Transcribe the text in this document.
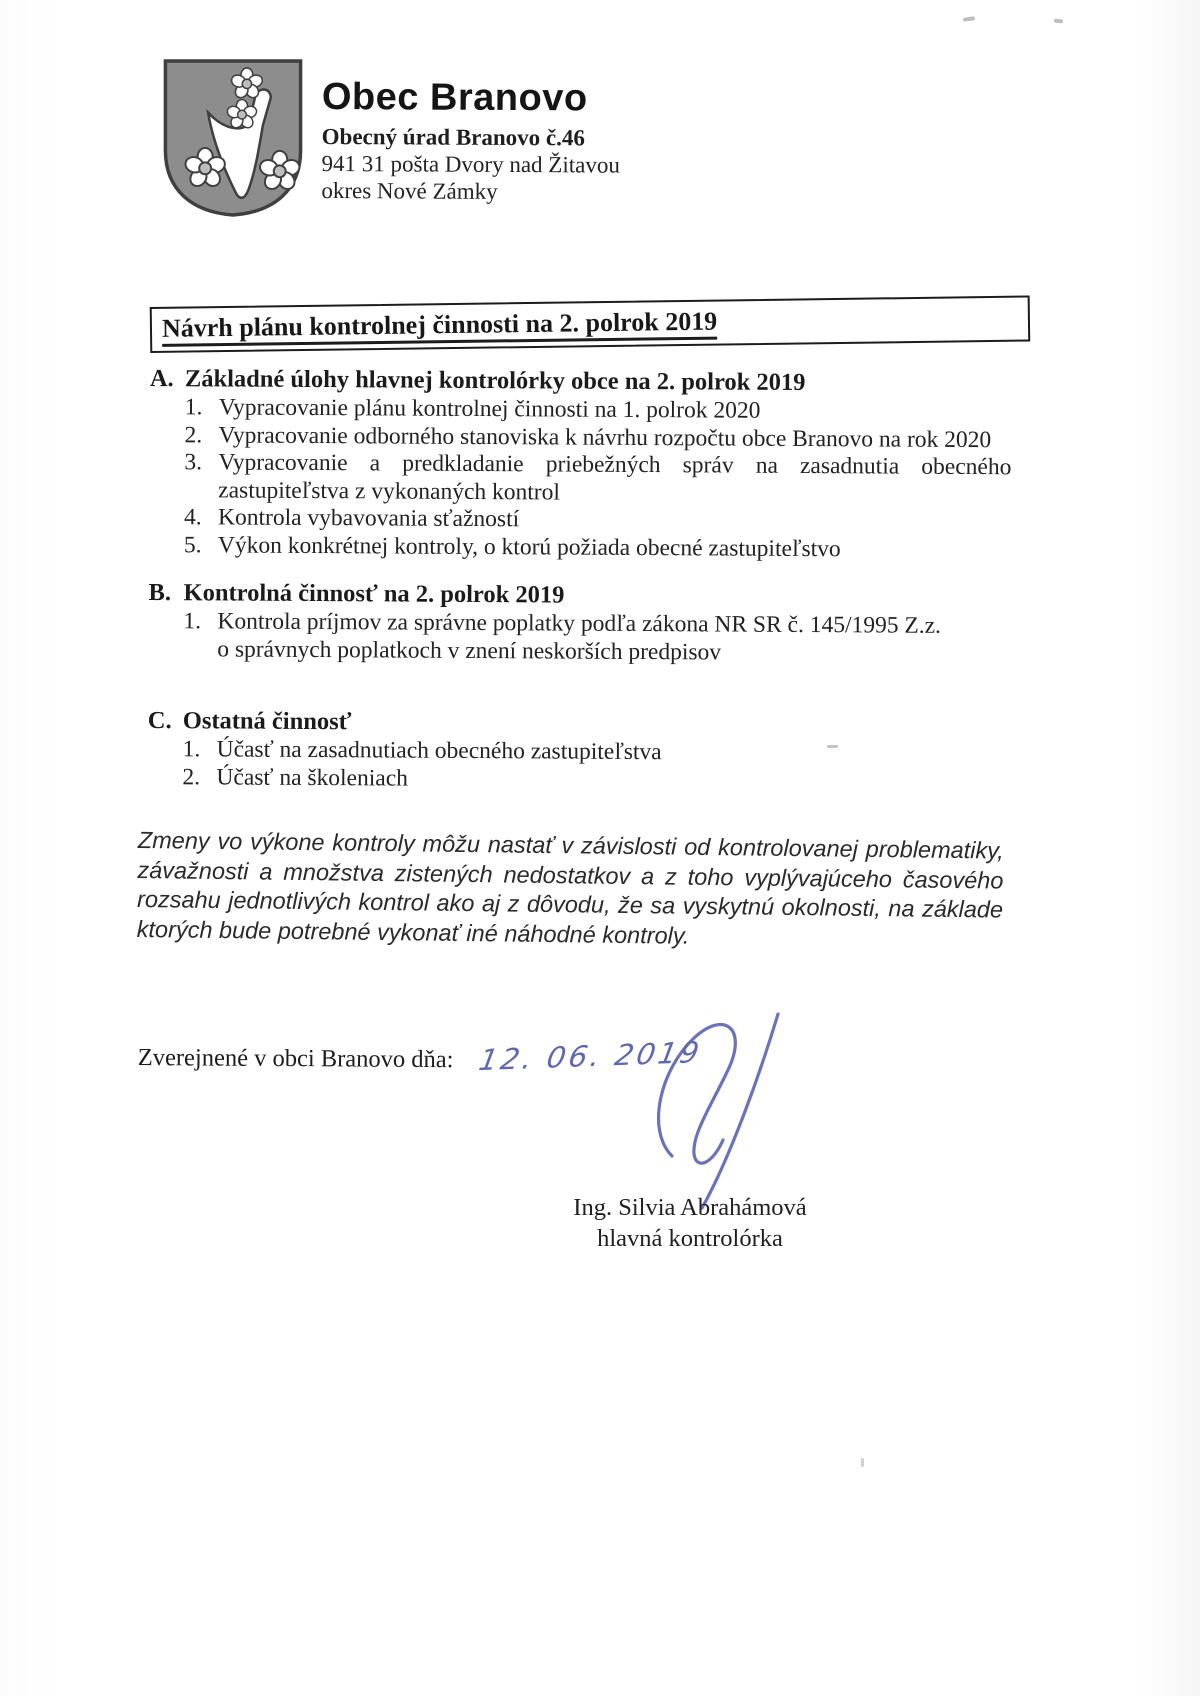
Obec Branovo
Obecný úrad Branovo č.46
941 31 pošta Dvory nad Žitavou
okres Nové Zámky
Návrh plánu kontrolnej činnosti na 2. polrok 2019
A. Základné úlohy hlavnej kontrolórky obce na 2. polrok 2019
1. Vypracovanie plánu kontrolnej činnosti na 1. polrok 2020
2. Vypracovanie odborného stanoviska k návrhu rozpočtu obce Branovo na rok 2020
3. Vypracovanie a predkladanie priebežných správ na zasadnutia obecného
zastupiteľstva z vykonaných kontrol
4. Kontrola vybavovania sťažností
5. Výkon konkrétnej kontroly, o ktorú požiada obecné zastupiteľstvo
B. Kontrolná činnosť na 2. polrok 2019
1. Kontrola príjmov za správne poplatky podľa zákona NR SR č. 145/1995 Z.z.
o správnych poplatkoch v znení neskorších predpisov
C. Ostatná činnosť
1. Účasť na zasadnutiach obecného zastupiteľstva
2. Účasť na školeniach
Zmeny vo výkone kontroly môžu nastať v závislosti od kontrolovanej problematiky, závažnosti a množstva zistených nedostatkov a z toho vyplývajúceho časového rozsahu jednotlivých kontrol ako aj z dôvodu, že sa vyskytnú okolnosti, na základe ktorých bude potrebné vykonať iné náhodné kontroly.
Zverejnené v obci Branovo dňa: 12. 06. 2019
Ing. Silvia Abrahámová
hlavná kontrolórka
